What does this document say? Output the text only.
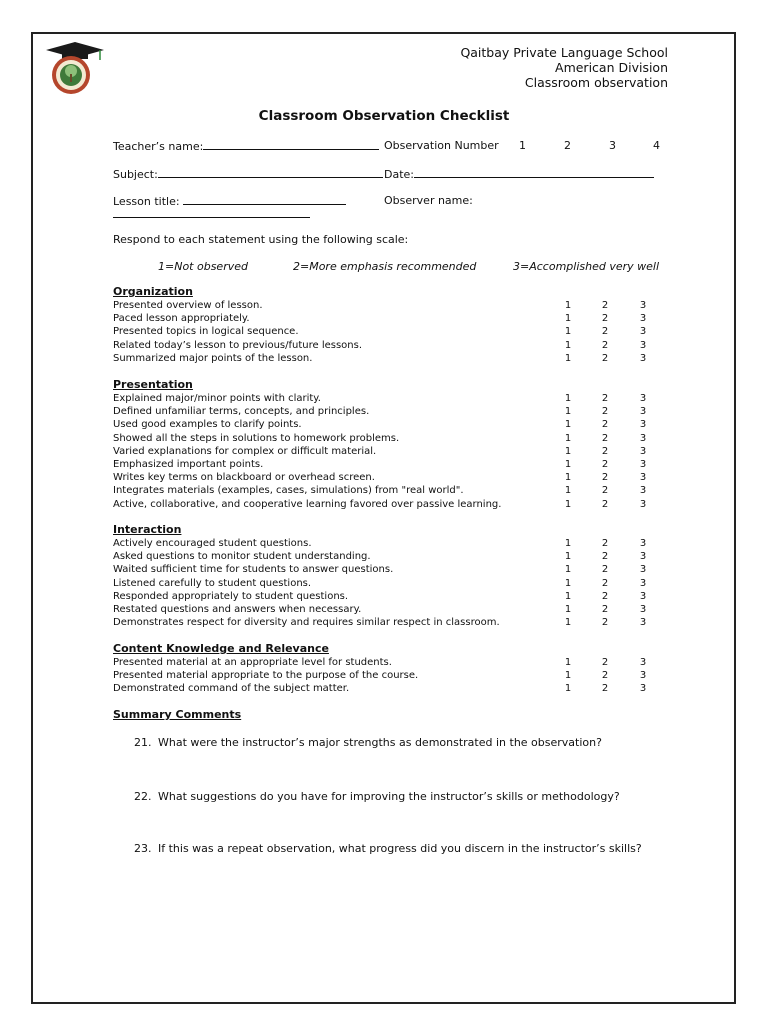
Qaitbay Private Language School
American Division
Classroom observation
Classroom Observation Checklist
Teacher’s name:	Observation Number 1	2	3	4
Subject:	Date:
Lesson title:	Observer name:
Respond to each statement using the following scale:
1=Not observed	2=More emphasis recommended	3=Accomplished very well
Organization
Presented overview of lesson.	1	2	3
Paced lesson appropriately.	1	2	3
Presented topics in logical sequence.	1	2	3
Related today’s lesson to previous/future lessons.	1	2	3
Summarized major points of the lesson.	1	2	3
Presentation
Explained major/minor points with clarity.	1	2	3
Defined unfamiliar terms, concepts, and principles.	1	2	3
Used good examples to clarify points.	1	2	3
Showed all the steps in solutions to homework problems.	1	2	3
Varied explanations for complex or difficult material.	1	2	3
Emphasized important points.	1	2	3
Writes key terms on blackboard or overhead screen.	1	2	3
Integrates materials (examples, cases, simulations) from "real world".	1	2	3
Active, collaborative, and cooperative learning favored over passive learning.	1	2	3
Interaction
Actively encouraged student questions.	1	2	3
Asked questions to monitor student understanding.	1	2	3
Waited sufficient time for students to answer questions.	1	2	3
Listened carefully to student questions.	1	2	3
Responded appropriately to student questions.	1	2	3
Restated questions and answers when necessary.	1	2	3
Demonstrates respect for diversity and requires similar respect in classroom.	1	2	3
Content Knowledge and Relevance
Presented material at an appropriate level for students.	1	2	3
Presented material appropriate to the purpose of the course.	1	2	3
Demonstrated command of the subject matter.	1	2	3
Summary Comments
21. What were the instructor’s major strengths as demonstrated in the observation?
22. What suggestions do you have for improving the instructor’s skills or methodology?
23. If this was a repeat observation, what progress did you discern in the instructor’s skills?
